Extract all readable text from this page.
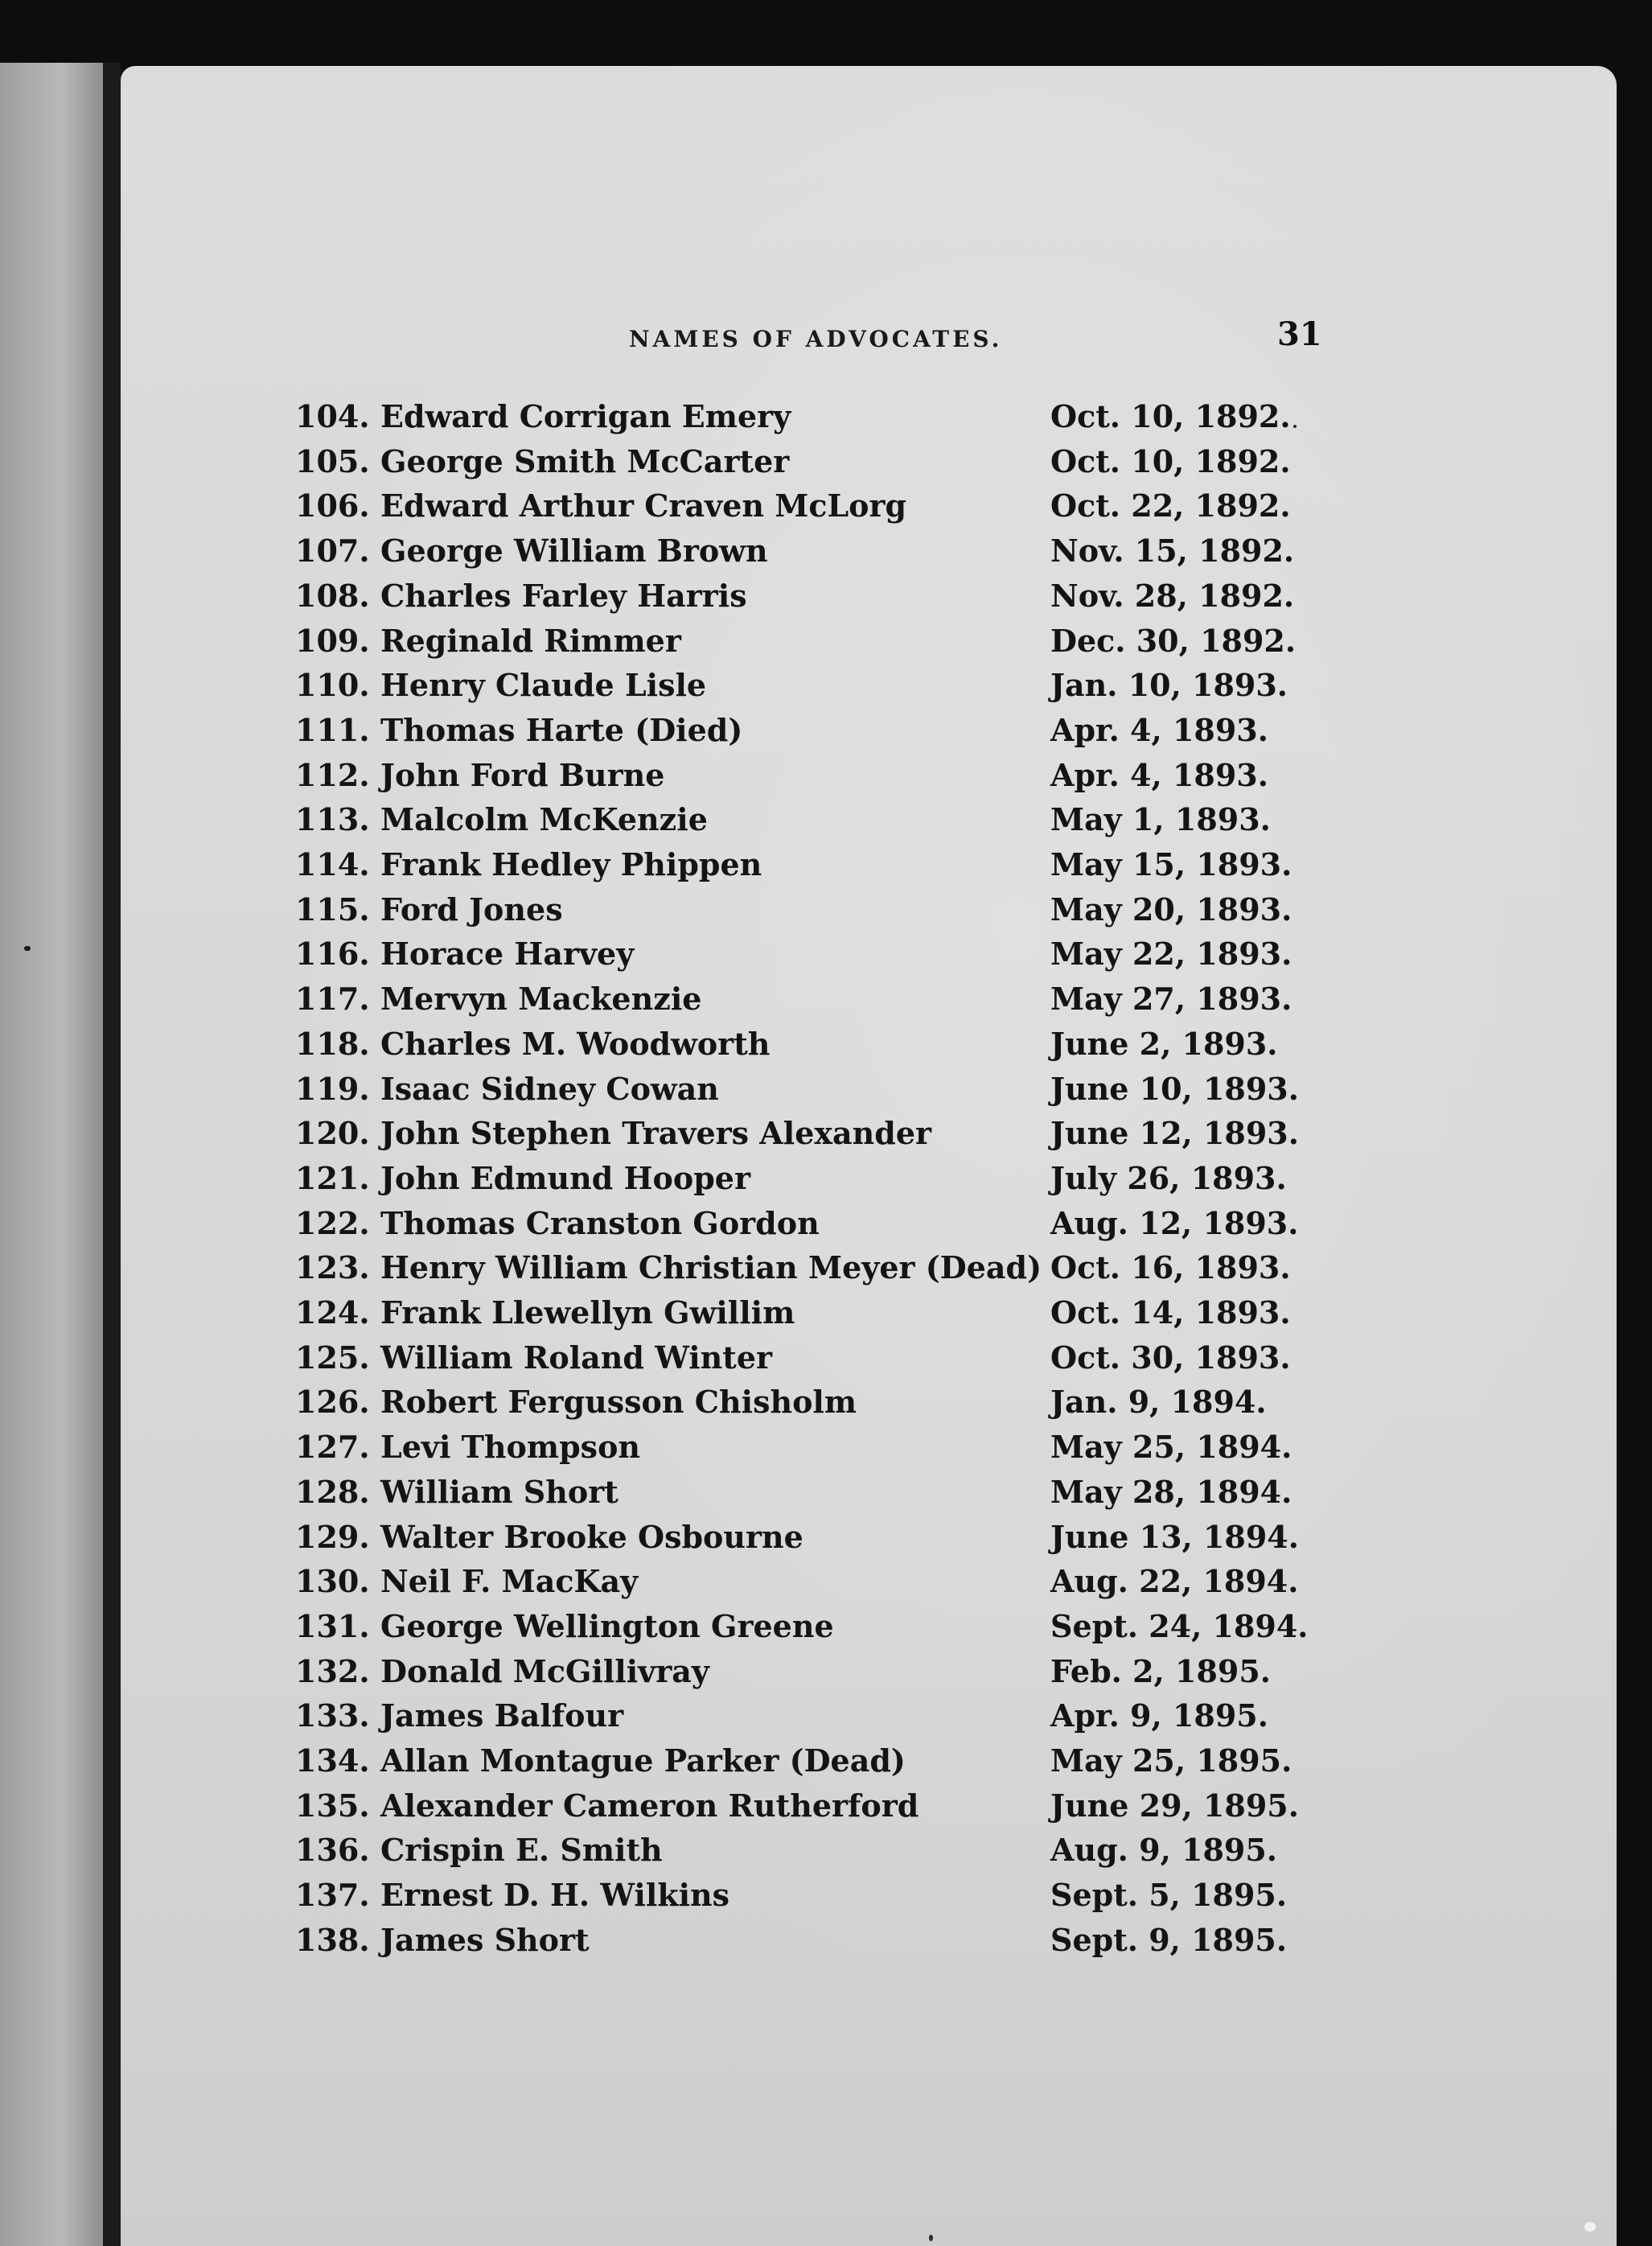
NAMES OF ADVOCATES.	31
104. Edward Corrigan Emery	Oct. 10, 1892.
105. George Smith McCarter	Oct. 10, 1892.
106. Edward Arthur Craven McLorg	Oct. 22, 1892.
107. George William Brown	Nov. 15, 1892.
108. Charles Farley Harris	Nov. 28, 1892.
109. Reginald Rimmer	Dec. 30, 1892.
110. Henry Claude Lisle	Jan. 10, 1893.
111. Thomas Harte (Died)	Apr. 4, 1893.
112. John Ford Burne	Apr. 4, 1893.
113. Malcolm McKenzie	May 1, 1893.
114. Frank Hedley Phippen	May 15, 1893.
115. Ford Jones	May 20, 1893.
116. Horace Harvey	May 22, 1893.
117. Mervyn Mackenzie	May 27, 1893.
118. Charles M. Woodworth	June 2, 1893.
119. Isaac Sidney Cowan	June 10, 1893.
120. John Stephen Travers Alexander	June 12, 1893.
121. John Edmund Hooper	July 26, 1893.
122. Thomas Cranston Gordon	Aug. 12, 1893.
123. Henry William Christian Meyer (Dead) Oct. 16, 1893.
124. Frank Llewellyn Gwillim	Oct. 14, 1893.
125. William Roland Winter	Oct. 30, 1893.
126. Robert Fergusson Chisholm	Jan. 9, 1894.
127. Levi Thompson	May 25, 1894.
128. William Short	May 28, 1894.
129. Walter Brooke Osbourne	June 13, 1894.
130. Neil F. MacKay	Aug. 22, 1894.
131. George Wellington Greene	Sept. 24, 1894.
132. Donald McGillivray	Feb. 2, 1895.
133. James Balfour	Apr. 9, 1895.
134. Allan Montague Parker (Dead)	May 25, 1895.
135. Alexander Cameron Rutherford	June 29, 1895.
136. Crispin E. Smith	Aug. 9, 1895.
137. Ernest D. H. Wilkins	Sept. 5, 1895.
138. James Short	Sept. 9, 1895.
